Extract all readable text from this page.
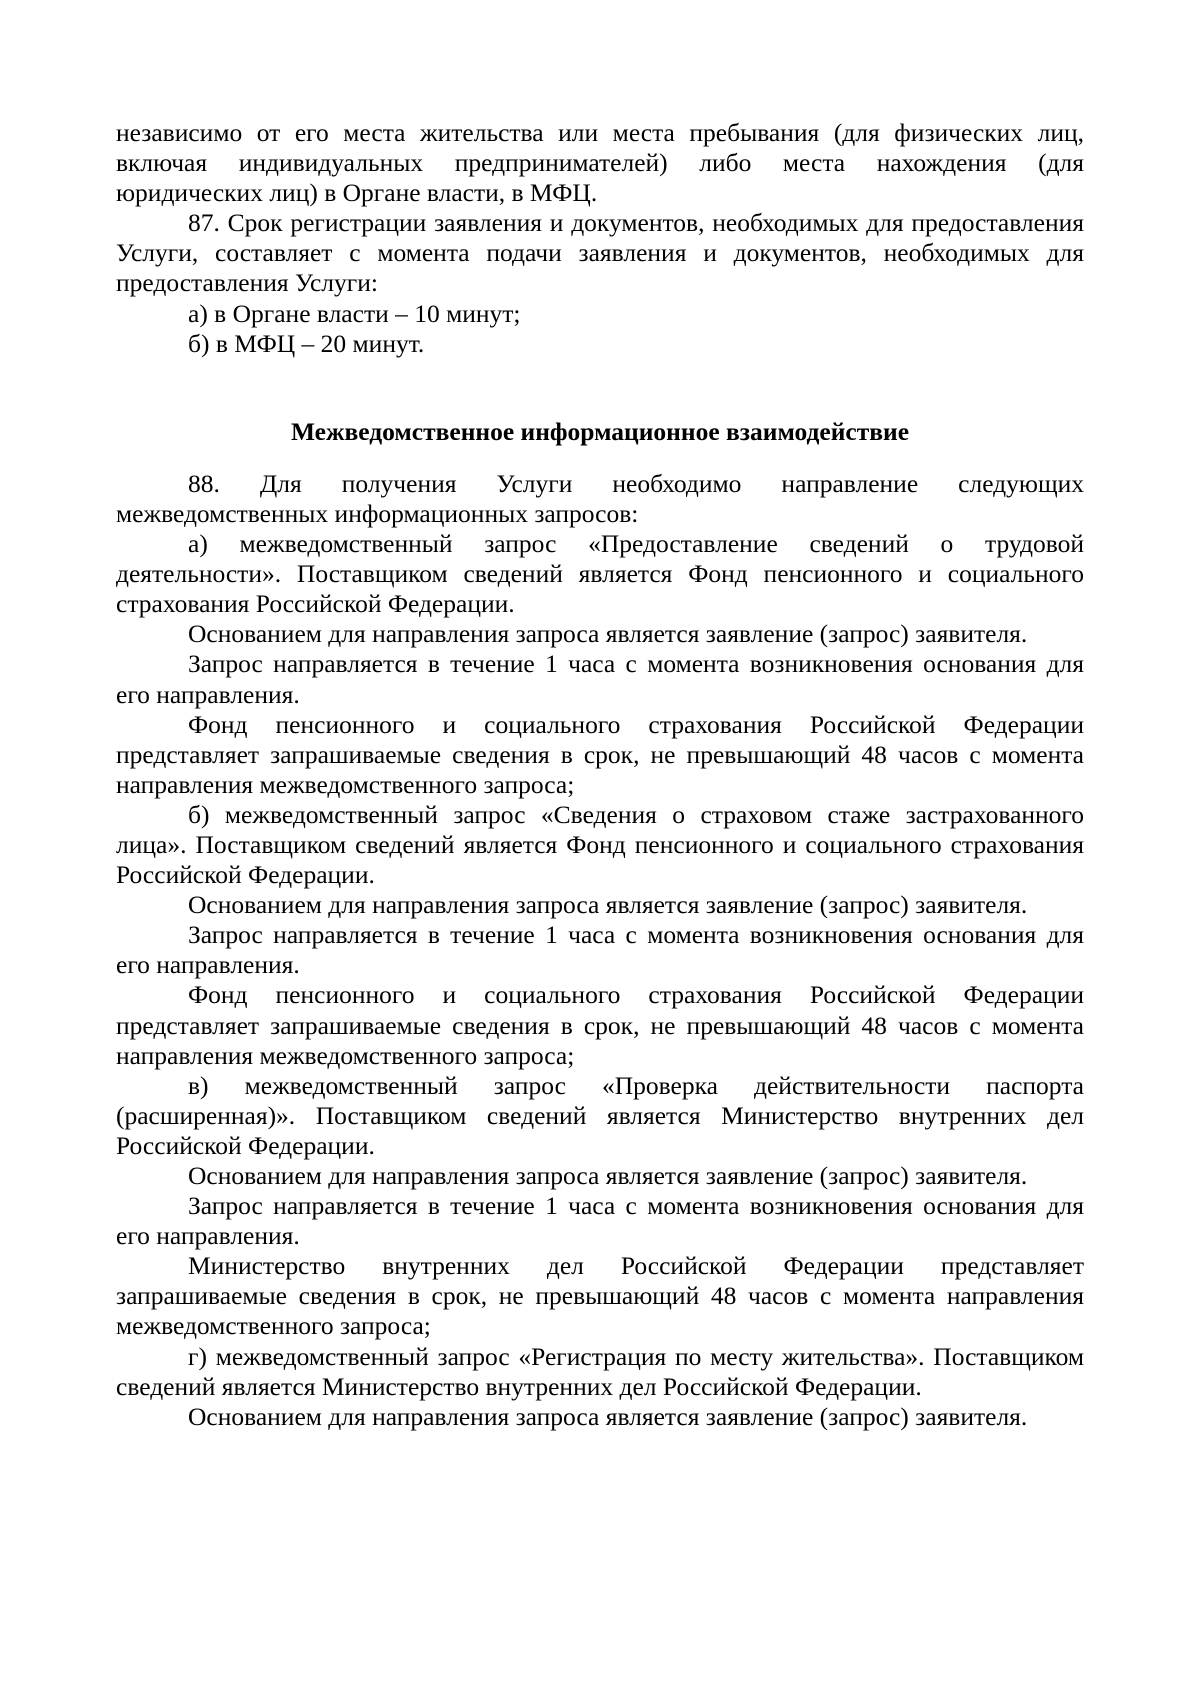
независимо от его места жительства или места пребывания (для физических лиц, включая индивидуальных предпринимателей) либо места нахождения (для юридических лиц) в Органе власти, в МФЦ.

87. Срок регистрации заявления и документов, необходимых для предоставления Услуги, составляет с момента подачи заявления и документов, необходимых для предоставления Услуги:

а) в Органе власти – 10 минут;

б) в МФЦ – 20 минут.

Межведомственное информационное взаимодействие

88. Для получения Услуги необходимо направление следующих межведомственных информационных запросов:

а) межведомственный запрос «Предоставление сведений о трудовой деятельности». Поставщиком сведений является Фонд пенсионного и социального страхования Российской Федерации.

Основанием для направления запроса является заявление (запрос) заявителя.

Запрос направляется в течение 1 часа с момента возникновения основания для его направления.

Фонд пенсионного и социального страхования Российской Федерации представляет запрашиваемые сведения в срок, не превышающий 48 часов с момента направления межведомственного запроса;

б) межведомственный запрос «Сведения о страховом стаже застрахованного лица». Поставщиком сведений является Фонд пенсионного и социального страхования Российской Федерации.

Основанием для направления запроса является заявление (запрос) заявителя.

Запрос направляется в течение 1 часа с момента возникновения основания для его направления.

Фонд пенсионного и социального страхования Российской Федерации представляет запрашиваемые сведения в срок, не превышающий 48 часов с момента направления межведомственного запроса;

в) межведомственный запрос «Проверка действительности паспорта (расширенная)». Поставщиком сведений является Министерство внутренних дел Российской Федерации.

Основанием для направления запроса является заявление (запрос) заявителя.

Запрос направляется в течение 1 часа с момента возникновения основания для его направления.

Министерство внутренних дел Российской Федерации представляет запрашиваемые сведения в срок, не превышающий 48 часов с момента направления межведомственного запроса;

г) межведомственный запрос «Регистрация по месту жительства». Поставщиком сведений является Министерство внутренних дел Российской Федерации.

Основанием для направления запроса является заявление (запрос) заявителя.
